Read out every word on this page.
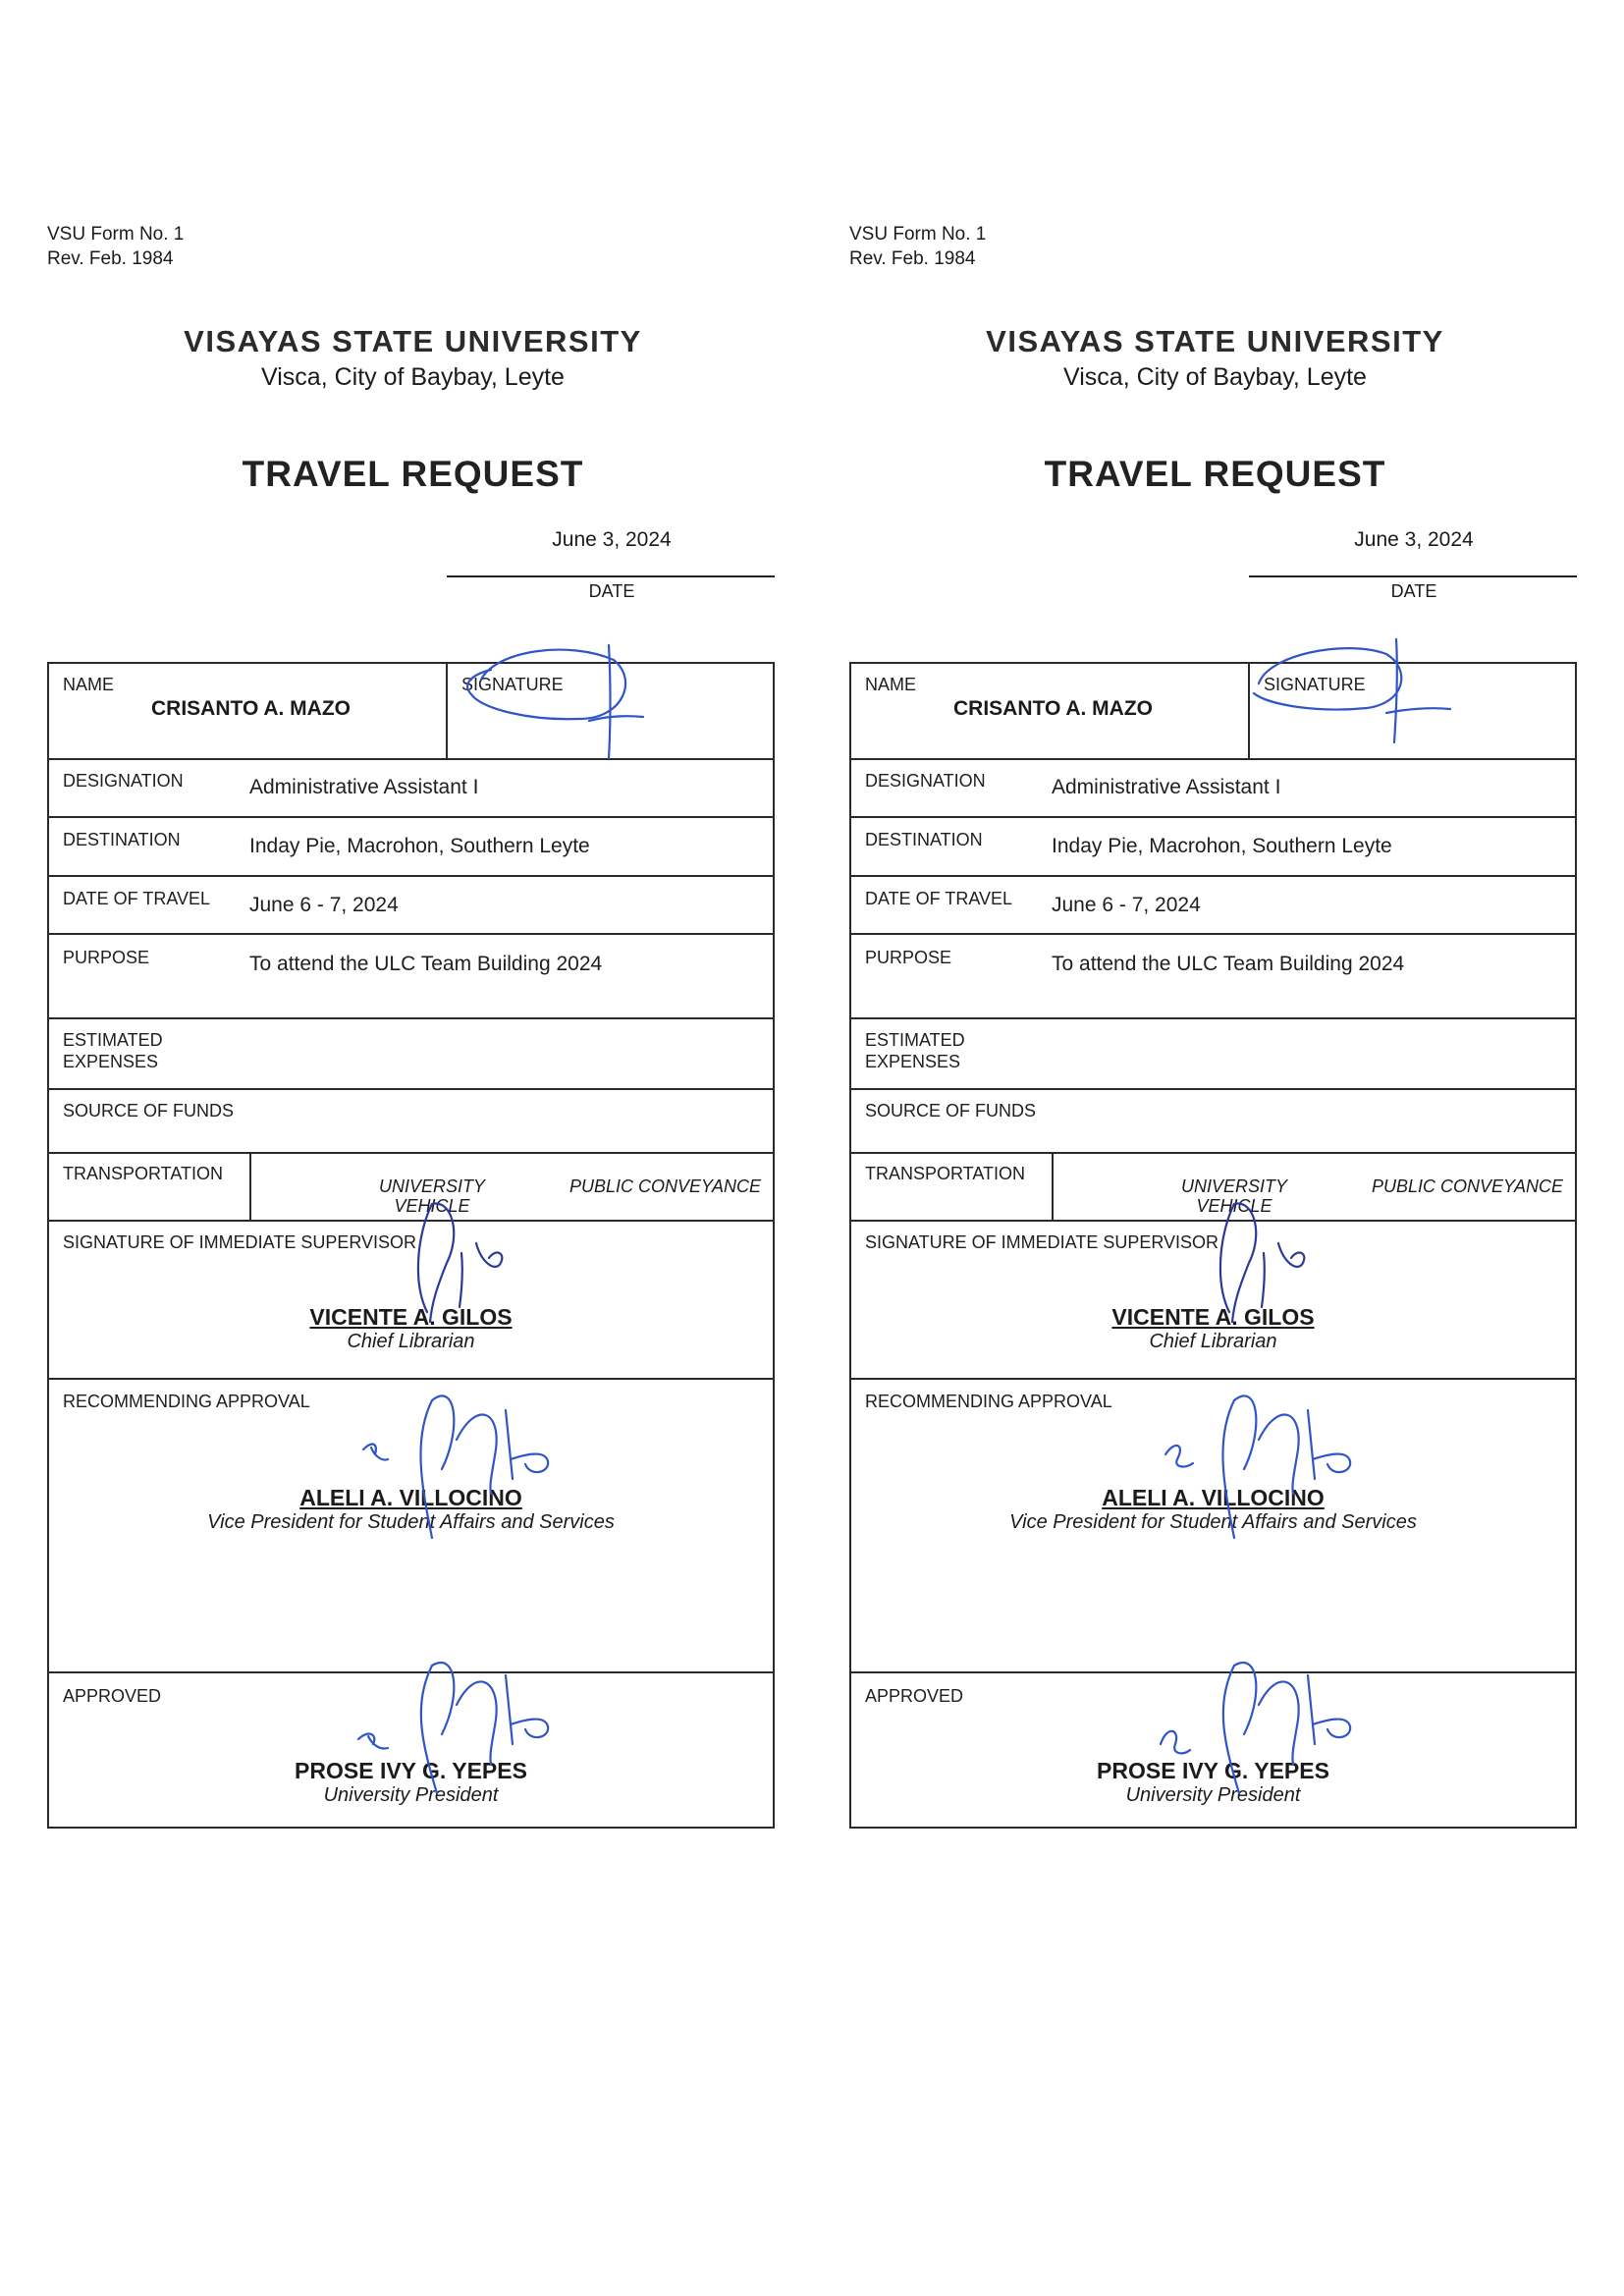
VSU Form No. 1
Rev. Feb. 1984
VISAYAS STATE UNIVERSITY
Visca, City of Baybay, Leyte
TRAVEL REQUEST
June 3, 2024
DATE
NAME
CRISANTO A. MAZO
SIGNATURE
DESIGNATION	Administrative Assistant I
DESTINATION	Inday Pie, Macrohon, Southern Leyte
DATE OF TRAVEL June 6 - 7, 2024
PURPOSE	To attend the ULC Team Building 2024
ESTIMATED
EXPENSES
SOURCE OF FUNDS
TRANSPORTATION
UNIVERSITY
VEHICLE
PUBLIC CONVEYANCE
SIGNATURE OF IMMEDIATE SUPERVISOR
VICENTE A. GILOS
Chief Librarian
RECOMMENDING APPROVAL
ALELI A. VILLOCINO
Vice President for Student Affairs and Services
APPROVED
PROSE IVY G. YEPES
University President
VSU Form No. 1
Rev. Feb. 1984
VISAYAS STATE UNIVERSITY
Visca, City of Baybay, Leyte
TRAVEL REQUEST
June 3, 2024
DATE
NAME
CRISANTO A. MAZO
SIGNATURE
DESIGNATION	Administrative Assistant I
DESTINATION	Inday Pie, Macrohon, Southern Leyte
DATE OF TRAVEL June 6 - 7, 2024
PURPOSE	To attend the ULC Team Building 2024
ESTIMATED
EXPENSES
SOURCE OF FUNDS
TRANSPORTATION
UNIVERSITY
VEHICLE
PUBLIC CONVEYANCE
SIGNATURE OF IMMEDIATE SUPERVISOR
VICENTE A. GILOS
Chief Librarian
RECOMMENDING APPROVAL
ALELI A. VILLOCINO
Vice President for Student Affairs and Services
APPROVED
PROSE IVY G. YEPES
University President
